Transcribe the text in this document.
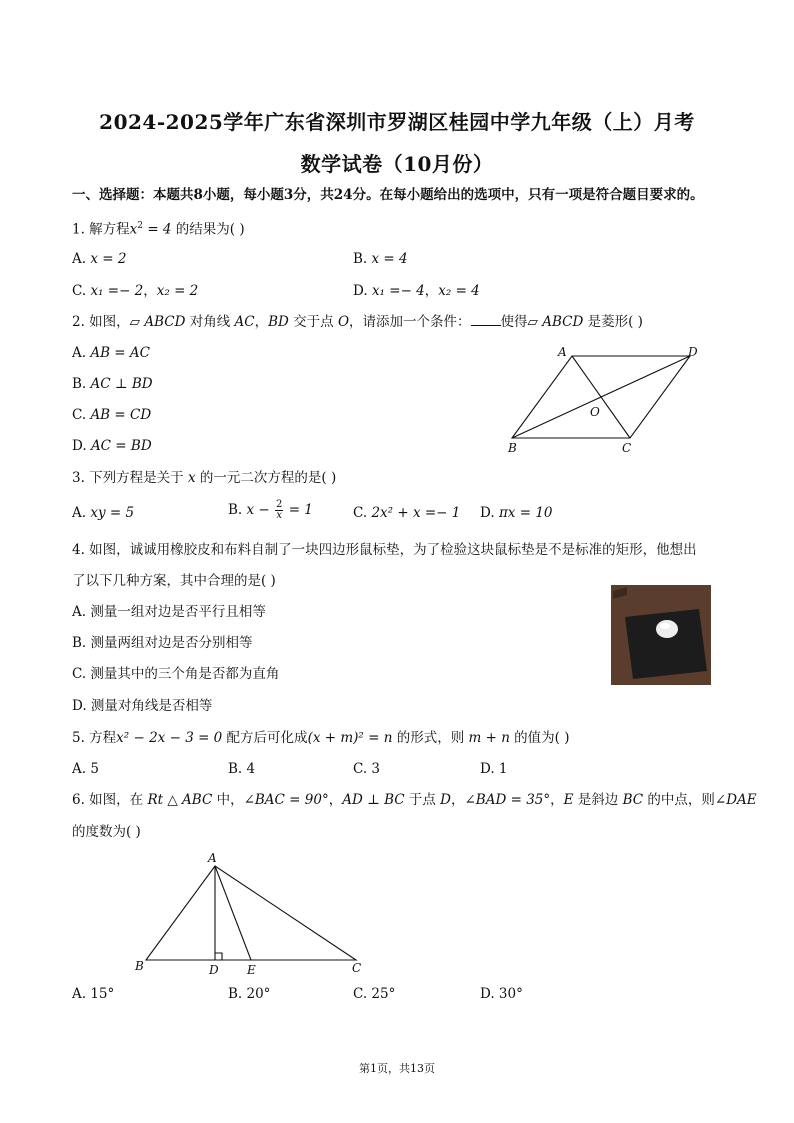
2024-2025学年广东省深圳市罗湖区桂园中学九年级（上）月考
数学试卷（10月份）
一、选择题：本题共8小题，每小题3分，共24分。在每小题给出的选项中，只有一项是符合题目要求的。
1. 解方程$x^2 = 4$ 的结果为( )
A. x = 2	B. x = 4
C. x₁ =− 2，x₂ = 2	D. x₁ =− 4，x₂ = 4
2. 如图，▱ ABCD 对角线 AC，BD 交于点 O，请添加一个条件： 使得▱ ABCD 是菱形( )
A. AB = AC
B. AC ⊥ BD
C. AB = CD
D. AC = BD
A	D
B	C
O
3. 下列方程是关于 x 的一元二次方程的是( )
A. xy = 5	B. $x - \frac{2}{x} = 1$	C. 2x² + x =− 1 D. πx = 10
4. 如图，诚诚用橡胶皮和布料自制了一块四边形鼠标垫，为了检验这块鼠标垫是不是标准的矩形，他想出
了以下几种方案，其中合理的是( )
A. 测量一组对边是否平行且相等
B. 测量两组对边是否分别相等
C. 测量其中的三个角是否都为直角
D. 测量对角线是否相等
5. 方程x² − 2x − 3 = 0 配方后可化成(x + m)² = n 的形式，则 m + n 的值为( )
A. 5	B. 4	C. 3	D. 1
6. 如图，在 Rt △ ABC 中，∠BAC = 90°，AD ⊥ BC 于点 D，∠BAD = 35°，E 是斜边 BC 的中点，则∠DAE
的度数为( )
A
B	D E	C
A. 15°	B. 20°	C. 25°	D. 30°
第1页，共13页
